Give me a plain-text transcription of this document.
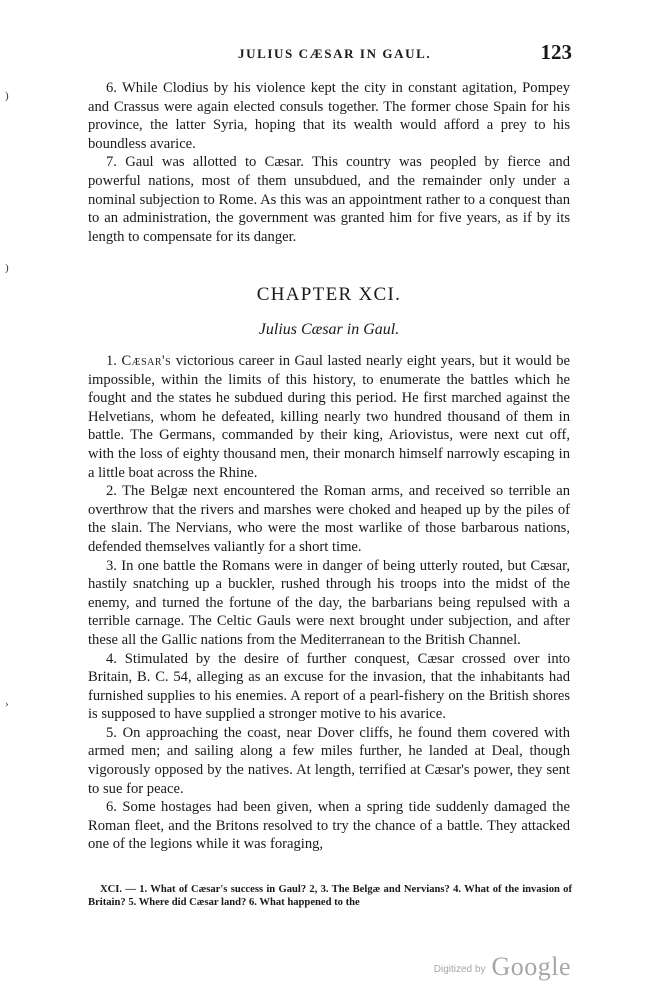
JULIUS CÆSAR IN GAUL.	123
)
)
›

6. While Clodius by his violence kept the city in constant agitation, Pompey and Crassus were again elected consuls together. The former chose Spain for his province, the latter Syria, hoping that its wealth would afford a prey to his boundless avarice.

7. Gaul was allotted to Cæsar. This country was peopled by fierce and powerful nations, most of them unsubdued, and the remainder only under a nominal subjection to Rome. As this was an appointment rather to a conquest than to an administration, the government was granted him for five years, as if by its length to compensate for its danger.

CHAPTER XCI.
Julius Cæsar in Gaul.

1. Cæsar's victorious career in Gaul lasted nearly eight years, but it would be impossible, within the limits of this history, to enumerate the battles which he fought and the states he subdued during this period. He first marched against the Helvetians, whom he defeated, killing nearly two hundred thousand of them in battle. The Germans, commanded by their king, Ariovistus, were next cut off, with the loss of eighty thousand men, their monarch himself narrowly escaping in a little boat across the Rhine.

2. The Belgæ next encountered the Roman arms, and received so terrible an overthrow that the rivers and marshes were choked and heaped up by the piles of the slain. The Nervians, who were the most warlike of those barbarous nations, defended themselves valiantly for a short time.

3. In one battle the Romans were in danger of being utterly routed, but Cæsar, hastily snatching up a buckler, rushed through his troops into the midst of the enemy, and turned the fortune of the day, the barbarians being repulsed with a terrible carnage. The Celtic Gauls were next brought under subjection, and after these all the Gallic nations from the Mediterranean to the British Channel.

4. Stimulated by the desire of further conquest, Cæsar crossed over into Britain, B. C. 54, alleging as an excuse for the invasion, that the inhabitants had furnished supplies to his enemies. A report of a pearl-fishery on the British shores is supposed to have supplied a stronger motive to his avarice.

5. On approaching the coast, near Dover cliffs, he found them covered with armed men; and sailing along a few miles further, he landed at Deal, though vigorously opposed by the natives. At length, terrified at Cæsar's power, they sent to sue for peace.

6. Some hostages had been given, when a spring tide suddenly damaged the Roman fleet, and the Britons resolved to try the chance of a battle. They attacked one of the legions while it was foraging,

XCI. — 1. What of Cæsar's success in Gaul? 2, 3. The Belgæ and Nervians? 4. What of the invasion of Britain? 5. Where did Cæsar land? 6. What happened to the

Digitized by Google
